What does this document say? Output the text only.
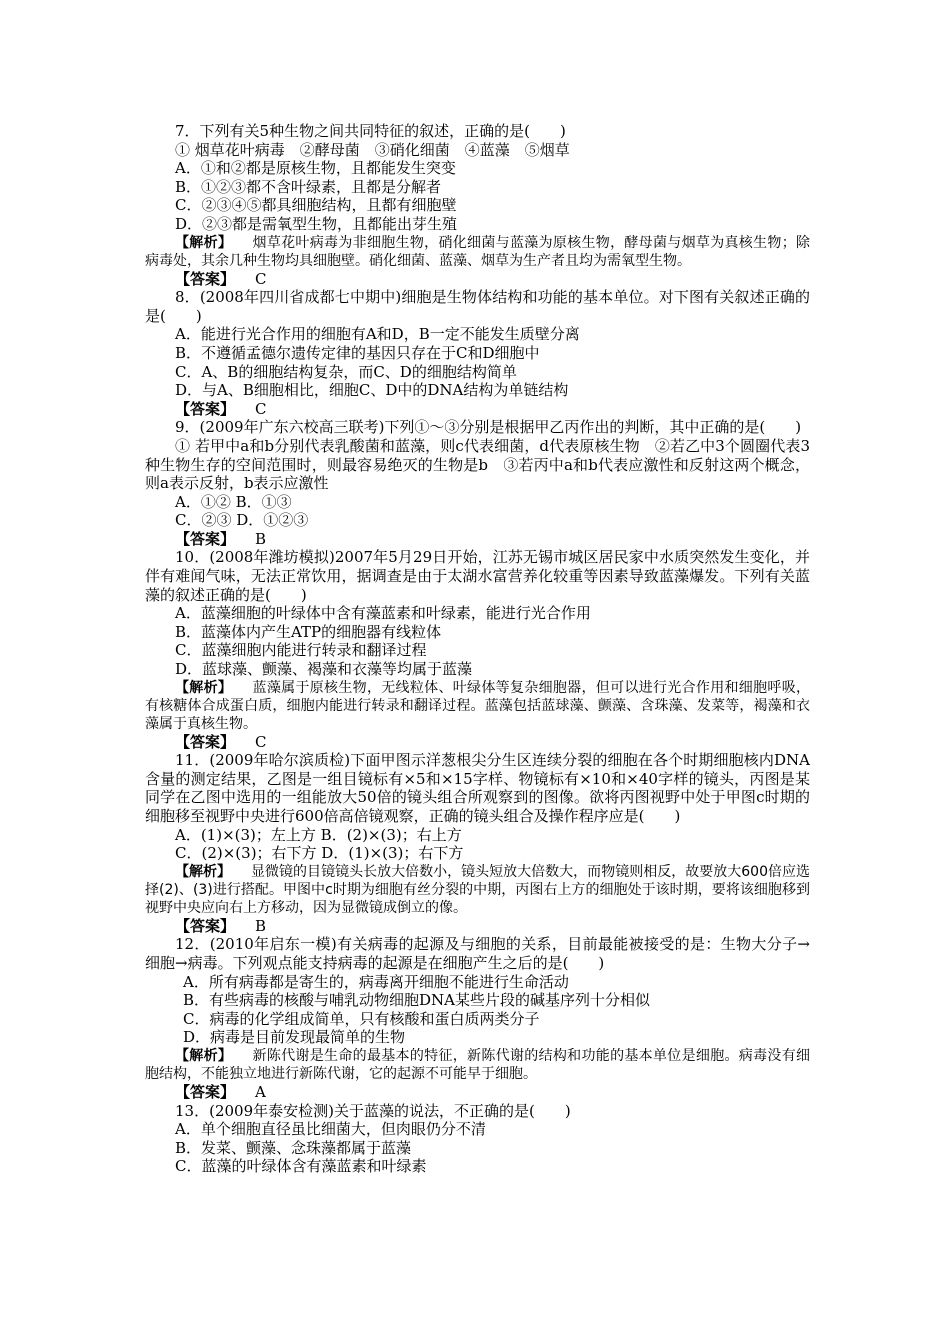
7．下列有关5种生物之间共同特征的叙述，正确的是(　　)
① 烟草花叶病毒　②酵母菌　③硝化细菌　④蓝藻　⑤烟草
A．①和②都是原核生物，且都能发生突变
B．①②③都不含叶绿素，且都是分解者
C．②③④⑤都具细胞结构，且都有细胞壁
D．②③都是需氧型生物，且都能出芽生殖
【解析】 烟草花叶病毒为非细胞生物，硝化细菌与蓝藻为原核生物，酵母菌与烟草为真核生物；除病毒处，其余几种生物均具细胞壁。硝化细菌、蓝藻、烟草为生产者且均为需氧型生物。
【答案】 C
8．(2008年四川省成都七中期中)细胞是生物体结构和功能的基本单位。对下图有关叙述正确的是(　　)
A．能进行光合作用的细胞有A和D，B一定不能发生质壁分离
B．不遵循孟德尔遗传定律的基因只存在于C和D细胞中
C．A、B的细胞结构复杂，而C、D的细胞结构简单
D．与A、B细胞相比，细胞C、D中的DNA结构为单链结构
【答案】 C
9．(2009年广东六校高三联考)下列①～③分别是根据甲乙丙作出的判断，其中正确的是(　　)
① 若甲中a和b分别代表乳酸菌和蓝藻，则c代表细菌，d代表原核生物　②若乙中3个圆圈代表3种生物生存的空间范围时，则最容易绝灭的生物是b　③若丙中a和b代表应激性和反射这两个概念，则a表示反射，b表示应激性
A．①② B．①③
C．②③ D．①②③
【答案】 B
10．(2008年潍坊模拟)2007年5月29日开始，江苏无锡市城区居民家中水质突然发生变化，并伴有难闻气味，无法正常饮用，据调查是由于太湖水富营养化较重等因素导致蓝藻爆发。下列有关蓝藻的叙述正确的是(　　)
A．蓝藻细胞的叶绿体中含有藻蓝素和叶绿素，能进行光合作用
B．蓝藻体内产生ATP的细胞器有线粒体
C．蓝藻细胞内能进行转录和翻译过程
D．蓝球藻、颤藻、褐藻和衣藻等均属于蓝藻
【解析】 蓝藻属于原核生物，无线粒体、叶绿体等复杂细胞器，但可以进行光合作用和细胞呼吸，有核糖体合成蛋白质，细胞内能进行转录和翻译过程。蓝藻包括蓝球藻、颤藻、含珠藻、发菜等，褐藻和衣藻属于真核生物。
【答案】 C
11．(2009年哈尔滨质检)下面甲图示洋葱根尖分生区连续分裂的细胞在各个时期细胞核内DNA含量的测定结果，乙图是一组目镜标有×5和×15字样、物镜标有×10和×40字样的镜头，丙图是某同学在乙图中选用的一组能放大50倍的镜头组合所观察到的图像。欲将丙图视野中处于甲图c时期的细胞移至视野中央进行600倍高倍镜观察，正确的镜头组合及操作程序应是(　　)
A．(1)×(3)；左上方 B．(2)×(3)；右上方
C．(2)×(3)；右下方 D．(1)×(3)；右下方
【解析】 显微镜的目镜镜头长放大倍数小，镜头短放大倍数大，而物镜则相反，故要放大600倍应选择(2)、(3)进行搭配。甲图中c时期为细胞有丝分裂的中期，丙图右上方的细胞处于该时期，要将该细胞移到视野中央应向右上方移动，因为显微镜成倒立的像。
【答案】 B
12．(2010年启东一模)有关病毒的起源及与细胞的关系，目前最能被接受的是：生物大分子→细胞→病毒。下列观点能支持病毒的起源是在细胞产生之后的是(　　)
A．所有病毒都是寄生的，病毒离开细胞不能进行生命活动
B．有些病毒的核酸与哺乳动物细胞DNA某些片段的碱基序列十分相似
C．病毒的化学组成简单，只有核酸和蛋白质两类分子
D．病毒是目前发现最简单的生物
【解析】 新陈代谢是生命的最基本的特征，新陈代谢的结构和功能的基本单位是细胞。病毒没有细胞结构，不能独立地进行新陈代谢，它的起源不可能早于细胞。
【答案】 A
13．(2009年泰安检测)关于蓝藻的说法，不正确的是(　　)
A．单个细胞直径虽比细菌大，但肉眼仍分不清
B．发菜、颤藻、念珠藻都属于蓝藻
C．蓝藻的叶绿体含有藻蓝素和叶绿素
